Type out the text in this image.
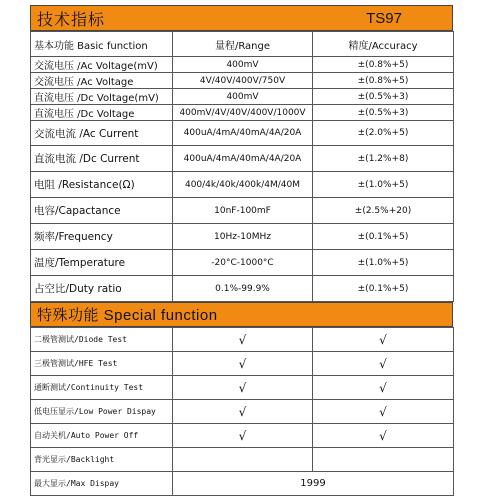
技术指标	TS97
基本功能 Basic function	量程/Range	精度/Accuracy
交流电压 /Ac Voltage(mV)	400mV	±(0.8%+5)
交流电压 /Ac Voltage	4V/40V/400V/750V	±(0.8%+5)
直流电压 /Dc Voltage(mV)	400mV	±(0.5%+3)
直流电压 /Dc Voltage	400mV/4V/40V/400V/1000V	±(0.5%+3)
交流电流 /Ac Current	400uA/4mA/40mA/4A/20A	±(2.0%+5)
直流电流 /Dc Current	400uA/4mA/40mA/4A/20A	±(1.2%+8)
电阻 /Resistance(Ω)	400/4k/40k/400k/4M/40M	±(1.0%+5)
电容/Capactance	10nF-100mF	±(2.5%+20)
频率/Frequency	10Hz-10MHz	±(0.1%+5)
温度/Temperature	-20°C-1000°C	±(1.0%+5)
占空比/Duty ratio	0.1%-99.9%	±(0.1%+5)
特殊功能 Special function
二极管测试/Diode Test	√	√
三极管测试/HFE Test	√	√
通断测试/Continuity Test	√	√
低电压显示/Low Power Dispay	√	√
自动关机/Auto Power Off	√	√
背光显示/Backlight		
最大显示/Max Dispay	1999	
